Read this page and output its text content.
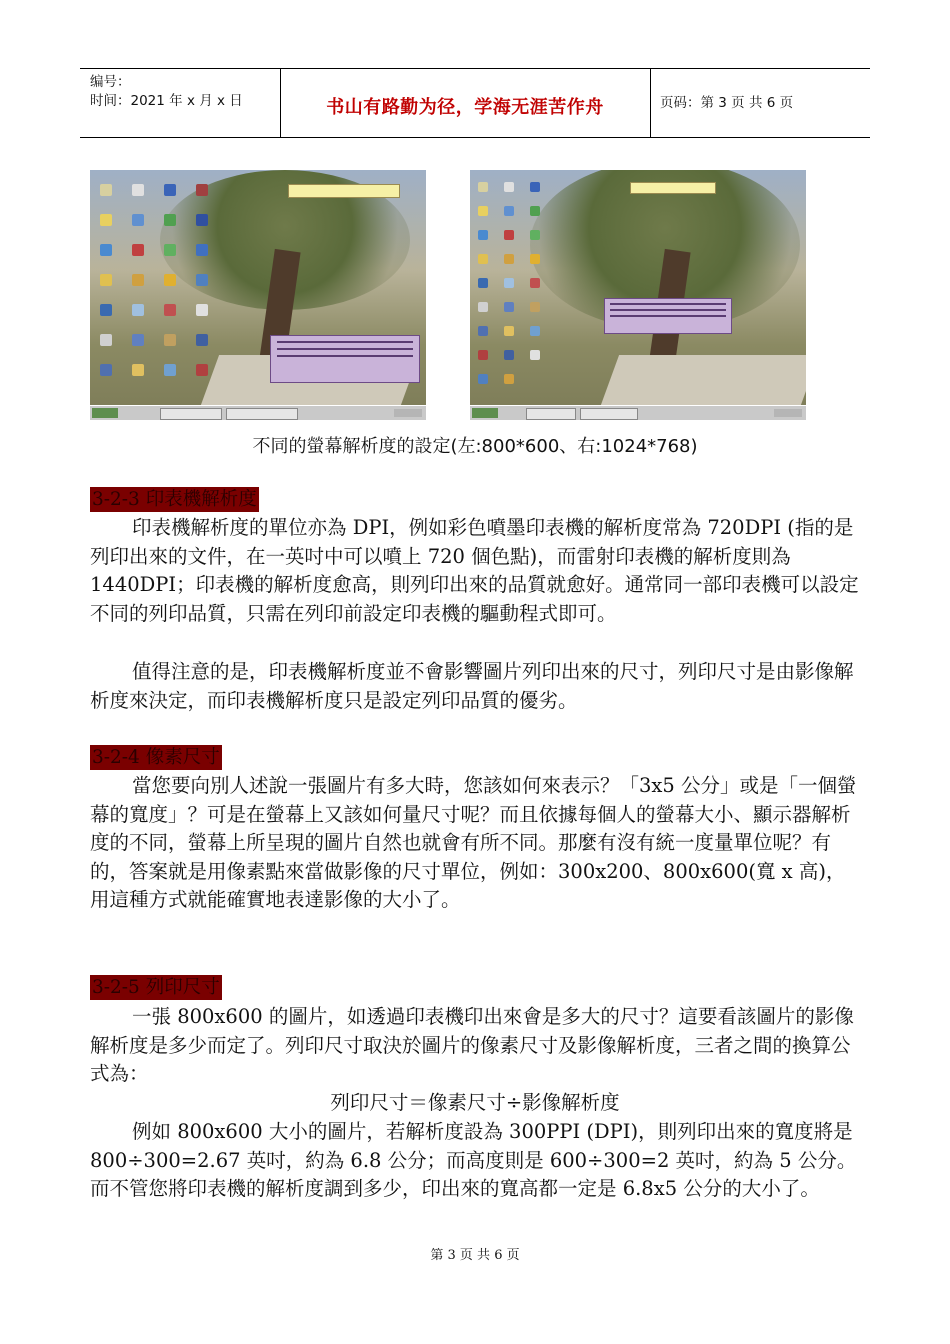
编号：
时间：2021 年 x 月 x 日	书山有路勤为径，学海无涯苦作舟	页码：第 3 页 共 6 页
不同的螢幕解析度的設定(左:800*600、右:1024*768)
3-2-3 印表機解析度

印表機解析度的單位亦為 DPI，例如彩色噴墨印表機的解析度常為 720DPI (指的是列印出來的文件，在一英吋中可以噴上 720 個色點)，而雷射印表機的解析度則為 1440DPI；印表機的解析度愈高，則列印出來的品質就愈好。通常同一部印表機可以設定不同的列印品質，只需在列印前設定印表機的驅動程式即可。

值得注意的是，印表機解析度並不會影響圖片列印出來的尺寸，列印尺寸是由影像解析度來決定，而印表機解析度只是設定列印品質的優劣。

3-2-4 像素尺寸

當您要向別人述說一張圖片有多大時，您該如何來表示？「3x5 公分」或是「一個螢幕的寬度」？可是在螢幕上又該如何量尺寸呢？而且依據每個人的螢幕大小、顯示器解析度的不同，螢幕上所呈現的圖片自然也就會有所不同。那麼有沒有統一度量單位呢？有的，答案就是用像素點來當做影像的尺寸單位，例如：300x200、800x600(寬 x 高)，用這種方式就能確實地表達影像的大小了。

3-2-5 列印尺寸

一張 800x600 的圖片，如透過印表機印出來會是多大的尺寸？這要看該圖片的影像解析度是多少而定了。列印尺寸取決於圖片的像素尺寸及影像解析度，三者之間的換算公式為：

列印尺寸＝像素尺寸÷影像解析度

例如 800x600 大小的圖片，若解析度設為 300PPI (DPI)，則列印出來的寬度將是 800÷300=2.67 英吋，約為 6.8 公分；而高度則是 600÷300=2 英吋，約為 5 公分。而不管您將印表機的解析度調到多少，印出來的寬高都一定是 6.8x5 公分的大小了。

第 3 页 共 6 页
